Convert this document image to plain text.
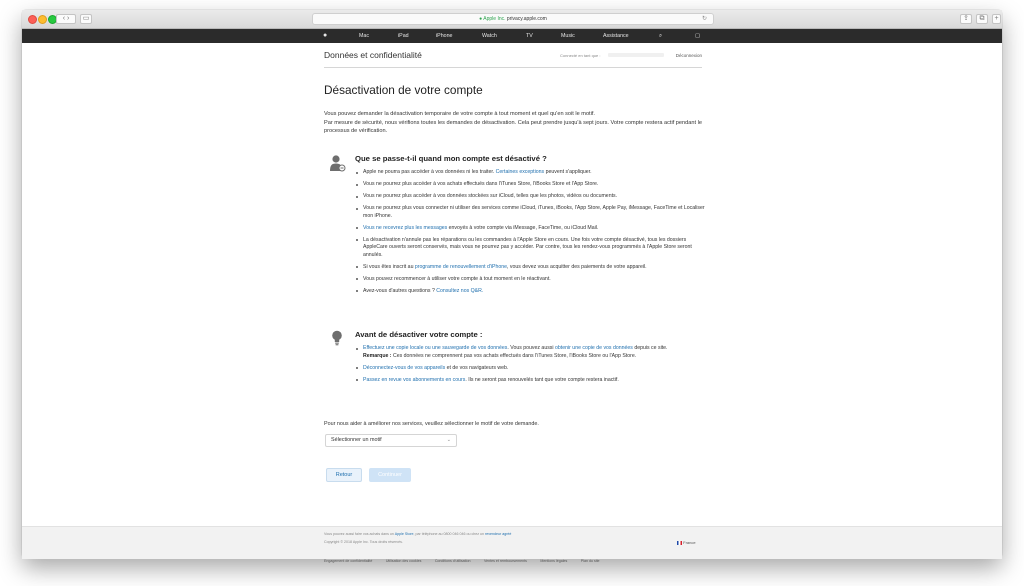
‹ ›	▭	● Apple Inc. privacy.apple.com	↻	⇪	⧉	+
●	Mac	iPad	iPhone	Watch	TV	Music	Assistance	⌕	▢
Données et confidentialité	Connecté en tant que :	Déconnexion
Désactivation de votre compte

Vous pouvez demander la désactivation temporaire de votre compte à tout moment et quel qu'en soit le motif.

Par mesure de sécurité, nous vérifions toutes les demandes de désactivation. Cela peut prendre jusqu'à sept jours. Votre compte restera actif pendant le processus de vérification.

Que se passe-t-il quand mon compte est désactivé ?
Apple ne pourra pas accéder à vos données ni les traiter. Certaines exceptions peuvent s'appliquer.
Vous ne pourrez plus accéder à vos achats effectués dans l'iTunes Store, l'iBooks Store et l'App Store.
Vous ne pourrez plus accéder à vos données stockées sur iCloud, telles que les photos, vidéos ou documents.
Vous ne pourrez plus vous connecter ni utiliser des services comme iCloud, iTunes, iBooks, l'App Store, Apple Pay, iMessage, FaceTime et Localiser mon iPhone.
Vous ne recevrez plus les messages envoyés à votre compte via iMessage, FaceTime, ou iCloud Mail.
La désactivation n'annule pas les réparations ou les commandes à l'Apple Store en cours. Une fois votre compte désactivé, tous les dossiers AppleCare ouverts seront conservés, mais vous ne pourrez pas y accéder. Par contre, tous les rendez-vous programmés à l'Apple Store seront annulés.
Si vous êtes inscrit au programme de renouvellement d'iPhone, vous devez vous acquitter des paiements de votre appareil.
Vous pouvez recommencer à utiliser votre compte à tout moment en le réactivant.
Avez-vous d'autres questions ? Consultez nos Q&R.
Avant de désactiver votre compte :
Effectuez une copie locale ou une sauvegarde de vos données. Vous pouvez aussi obtenir une copie de vos données depuis ce site.
Remarque : Ces données ne comprennent pas vos achats effectués dans l'iTunes Store, l'iBooks Store ou l'App Store.
Déconnectez-vous de vos appareils et de vos navigateurs web.
Passez en revue vos abonnements en cours. Ils ne seront pas renouvelés tant que votre compte restera inactif.
Pour nous aider à améliorer nos services, veuillez sélectionner le motif de votre demande.
Sélectionner un motif	⌄
Retour	Continuer
Vous pouvez aussi faire vos achats dans un Apple Store, par téléphone au 0800 046 046 ou chez un revendeur agréé
Copyright © 2018 Apple Inc. Tous droits réservés.
Engagement de confidentialité	Utilisation des cookies	Conditions d'utilisation	Ventes et remboursements	Mentions légales	Plan du site
France
